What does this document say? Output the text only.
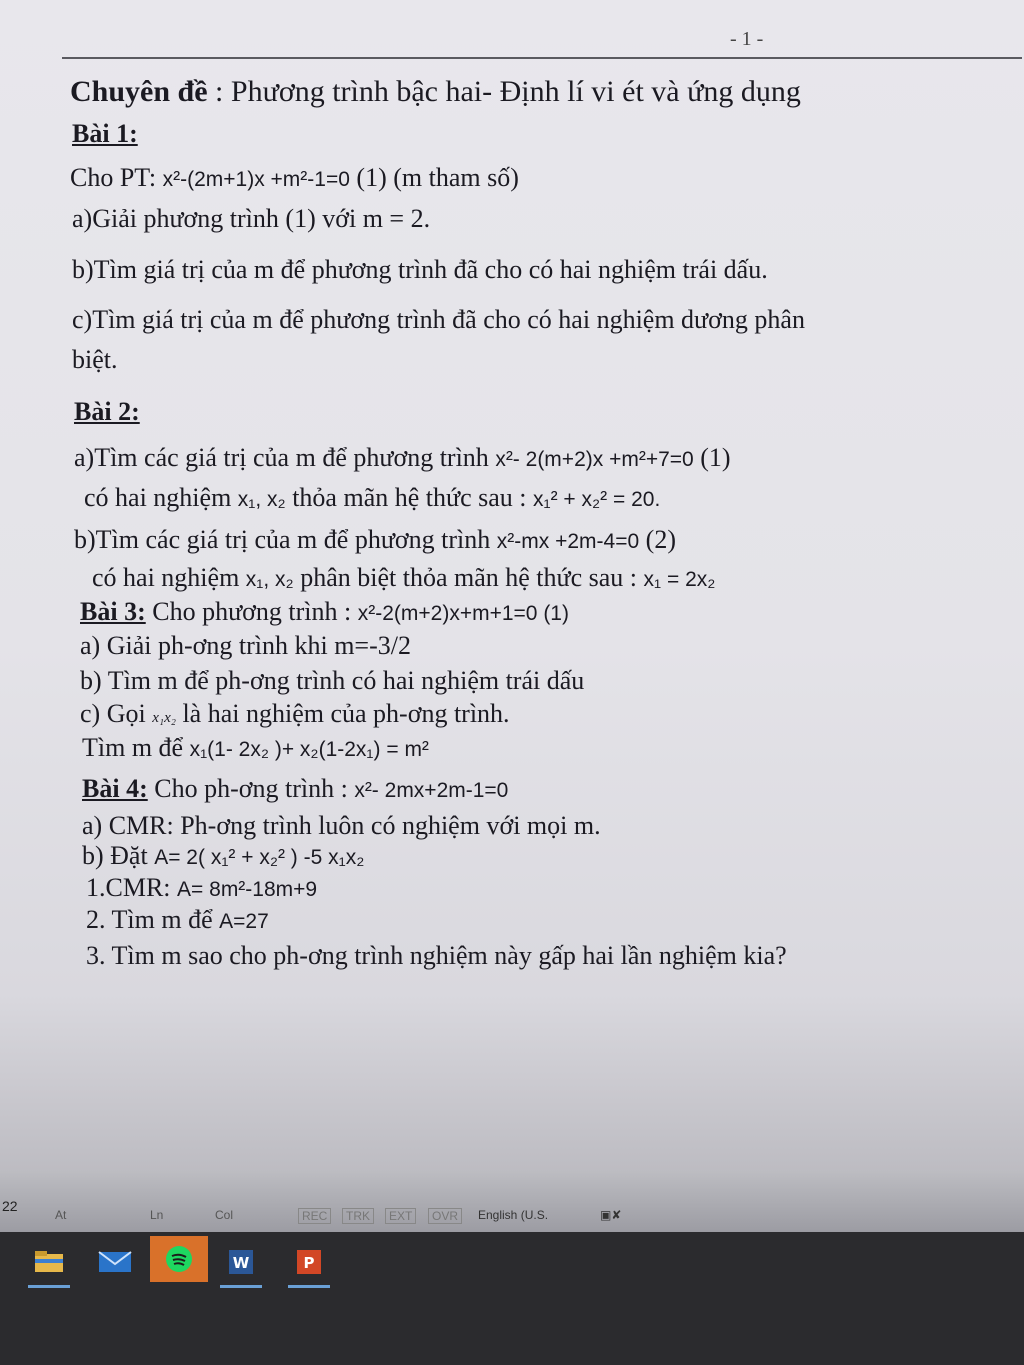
- 1 -
Chuyên đề : Phương trình bậc hai- Định lí vi ét và ứng dụng
Bài 1:
Cho PT: x²-(2m+1)x +m²-1=0 (1) (m tham số)
a)Giải phương trình (1) với m = 2.
b)Tìm giá trị của m để phương trình đã cho có hai nghiệm trái dấu.
c)Tìm giá trị của m để phương trình đã cho có hai nghiệm dương phân
biệt.
Bài 2:
a)Tìm các giá trị của m để phương trình x²- 2(m+2)x +m²+7=0 (1)
có hai nghiệm x₁, x₂ thỏa mãn hệ thức sau : x₁² + x₂² = 20.
b)Tìm các giá trị của m để phương trình x²-mx +2m-4=0 (2)
có hai nghiệm x₁, x₂ phân biệt thỏa mãn hệ thức sau : x₁ = 2x₂
Bài 3: Cho phương trình : x²-2(m+2)x+m+1=0 (1)
a) Giải ph-ơng trình khi m=-3/2
b) Tìm m để ph-ơng trình có hai nghiệm trái dấu
c) Gọi x₁x₂ là hai nghiệm của ph-ơng trình.
Tìm m để x₁(1- 2x₂ )+ x₂(1-2x₁) = m²
Bài 4: Cho ph-ơng trình : x²- 2mx+2m-1=0
a) CMR: Ph-ơng trình luôn có nghiệm với mọi m.
b) Đặt A= 2( x₁² + x₂² ) -5 x₁x₂
1.CMR: A= 8m²-18m+9
2. Tìm m để A=27
3. Tìm m sao cho ph-ơng trình nghiệm này gấp hai lần nghiệm kia?
22
At	Ln	Col	REC	TRK	EXT	OVR	English (U.S.	▣✘
W	P
